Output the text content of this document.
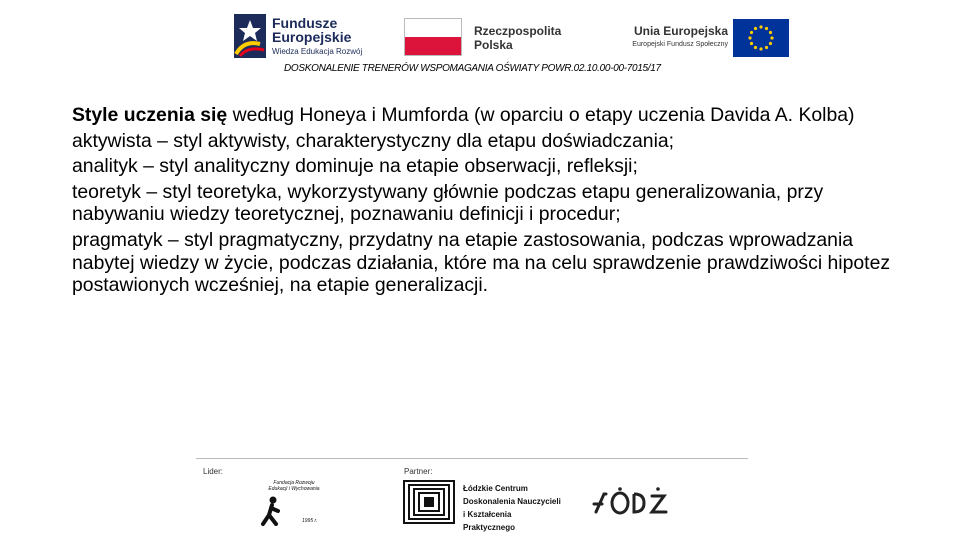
Fundusze
Europejskie
Wiedza Edukacja Rozwój
Rzeczpospolita
Polska
Unia Europejska
Europejski Fundusz Społeczny
DOSKONALENIE TRENERÓW WSPOMAGANIA OŚWIATY POWR.02.10.00-00-7015/17

Style uczenia się według Honeya i Mumforda (w oparciu o etapy uczenia Davida A. Kolba)

aktywista – styl aktywisty, charakterystyczny dla etapu doświadczania;

analityk – styl analityczny dominuje na etapie obserwacji, refleksji;

teoretyk – styl teoretyka, wykorzystywany głównie podczas etapu generalizowania, przy nabywaniu wiedzy teoretycznej, poznawaniu definicji i procedur;

pragmatyk – styl pragmatyczny, przydatny na etapie zastosowania, podczas wprowadzania nabytej wiedzy w życie, podczas działania, które ma na celu sprawdzenie prawdziwości hipotez postawionych wcześniej, na etapie generalizacji.

Lider:	Partner:
Fundacja Rozwoju Edukacji i Wychowania
1995 r.
Łódzkie Centrum
Doskonalenia Nauczycieli
i Kształcenia Praktycznego
